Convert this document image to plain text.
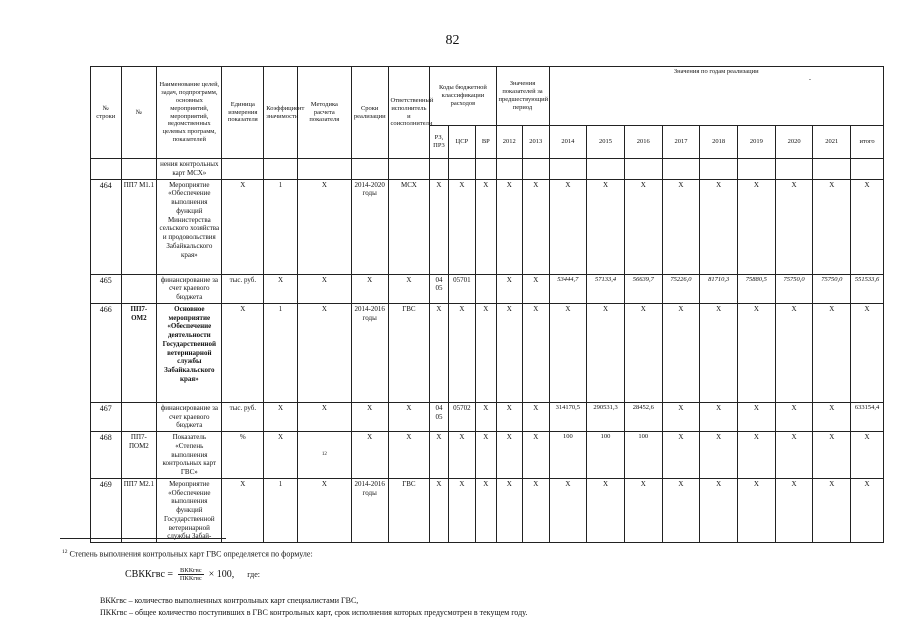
82
№ строки	№	Наименование целей, задач, подпрограмм, основных мероприятий, мероприятий, ведомственных целевых программ, показателей	Единица измерения показателя	Коэффициент значимости	Методика расчета показателя	Сроки реализации	Ответственный исполнитель и соисполнители	Коды бюджетной классификации расходов			Значения показателей за предшествующий период		Значения по годам реализации
-								

								РЗ, ПР3	ЦСР	ВР	2012	2013	2014	2015	2016	2017	2018	2019	2020	2021	итого
		нения контрольных карт МСХ»																			
464	ПП7 М1.1	Мероприятие «Обеспечение выполнения функций Министерства сельского хозяйства и продовольствия Забайкальского края»	X	1	X	2014-2020 годы	МСХ	X	X	X	X	X	X	X	X	X	X	X	X	X	X
465		финансирование за счет краевого бюджета	тыс. руб.	X	X	X	X	04 05	05701		X	X	53444,7	57133,4	56639,7	75226,0	81710,3	75880,5	75750,0	75750,0	551533,6
466	ПП7-ОМ2	Основное мероприятие «Обеспечение деятельности Государственной ветеринарной службы Забайкальского края»	X	1	X	2014-2016 годы	ГВС	X	X	X	X	X	X	X	X	X	X	X	X	X	X
467		финансирование за счет краевого бюджета	тыс. руб.	X	X	X	X	04 05	05702	X	X	X	314170,5	290531,3	28452,6	X	X	X	X	X	633154,4
468	ПП7-ПОМ2	Показатель «Степень выполнения контрольных карт ГВС»	%	X	12	X	X	X	X	X	X	X	100	100	100	X	X	X	X	X	X
469	ПП7 М2.1	Мероприятие «Обеспечение выполнения функций Государственной ветеринарной службы Забай-	X	1	X	2014-2016 годы	ГВС	X	X	X	X	X	X	X	X	X	X	X	X	X	X
$^{12}$ Степень выполнения контрольных карт ГВС определяется по формуле:
СВККгвс = $\frac{\text{ВККгвс}}{\text{ПККгвс}} \times 100$, где:
ВККгвс – количество выполненных контрольных карт специалистами ГВС,
ПККгвс – общее количество поступивших в ГВС контрольных карт, срок исполнения которых предусмотрен в текущем году.
